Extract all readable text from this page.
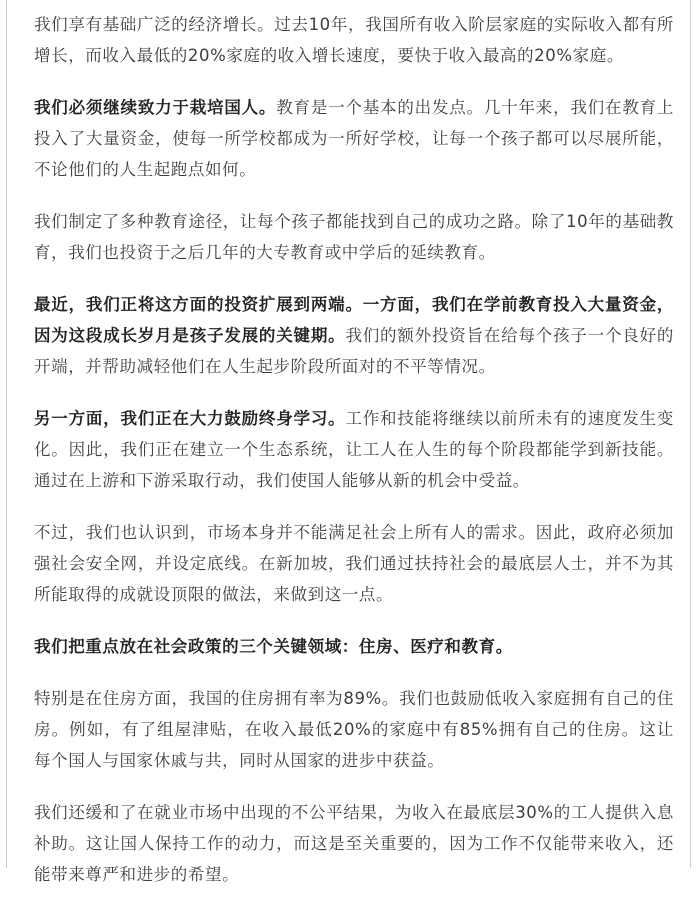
我们享有基础广泛的经济增长。过去10年，我国所有收入阶层家庭的实际收入都有所增长，而收入最低的20%家庭的收入增长速度，要快于收入最高的20%家庭。

我们必须继续致力于栽培国人。教育是一个基本的出发点。几十年来，我们在教育上投入了大量资金，使每一所学校都成为一所好学校，让每一个孩子都可以尽展所能，不论他们的人生起跑点如何。

我们制定了多种教育途径，让每个孩子都能找到自己的成功之路。除了10年的基础教育，我们也投资于之后几年的大专教育或中学后的延续教育。

最近，我们正将这方面的投资扩展到两端。一方面，我们在学前教育投入大量资金，因为这段成长岁月是孩子发展的关键期。我们的额外投资旨在给每个孩子一个良好的开端，并帮助减轻他们在人生起步阶段所面对的不平等情况。

另一方面，我们正在大力鼓励终身学习。工作和技能将继续以前所未有的速度发生变化。因此，我们正在建立一个生态系统，让工人在人生的每个阶段都能学到新技能。通过在上游和下游采取行动，我们使国人能够从新的机会中受益。

不过，我们也认识到，市场本身并不能满足社会上所有人的需求。因此，政府必须加强社会安全网，并设定底线。在新加坡，我们通过扶持社会的最底层人士，并不为其所能取得的成就设顶限的做法，来做到这一点。

我们把重点放在社会政策的三个关键领域：住房、医疗和教育。

特别是在住房方面，我国的住房拥有率为89%。我们也鼓励低收入家庭拥有自己的住房。例如，有了组屋津贴，在收入最低20%的家庭中有85%拥有自己的住房。这让每个国人与国家休戚与共，同时从国家的进步中获益。

我们还缓和了在就业市场中出现的不公平结果，为收入在最底层30%的工人提供入息补助。这让国人保持工作的动力，而这是至关重要的，因为工作不仅能带来收入，还能带来尊严和进步的希望。
